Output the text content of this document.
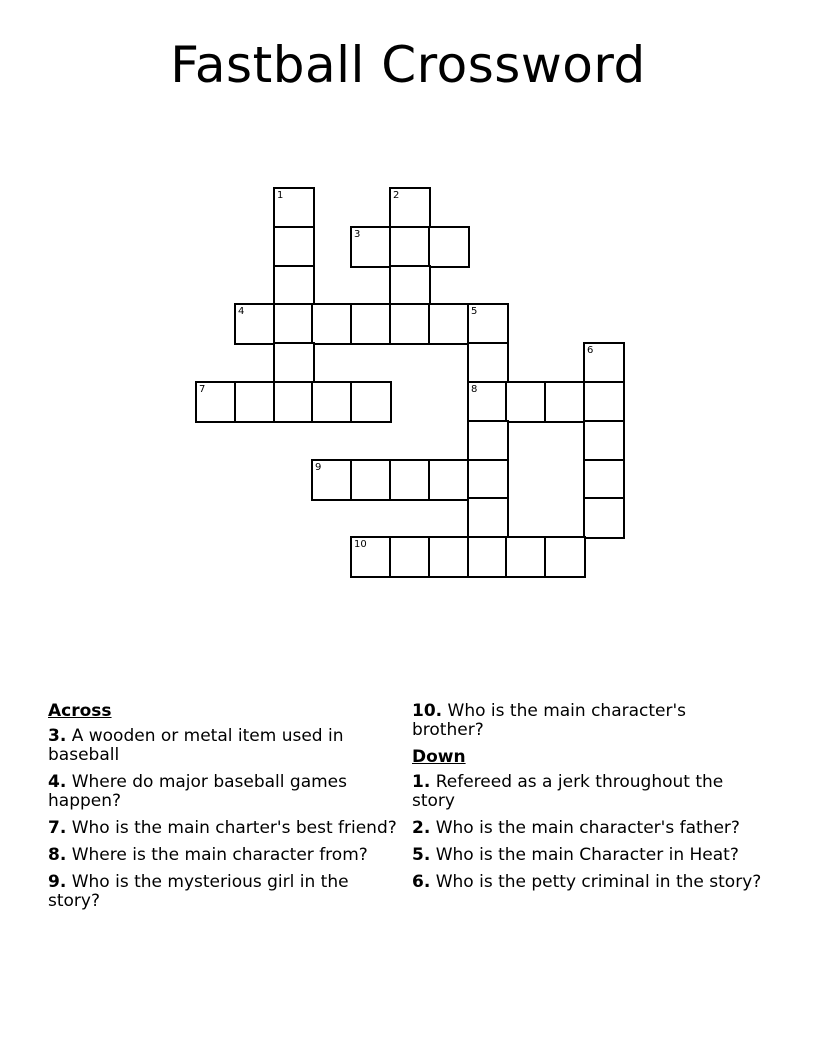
Fastball Crossword
1	2
3
4	5
6
7	8
9
10
Across
3. A wooden or metal item used in baseball
4. Where do major baseball games happen?
7. Who is the main charter's best friend?
8. Where is the main character from?
9. Who is the mysterious girl in the story?
10. Who is the main character's brother?
Down
1. Refereed as a jerk throughout the story
2. Who is the main character's father?
5. Who is the main Character in Heat?
6. Who is the petty criminal in the story?
